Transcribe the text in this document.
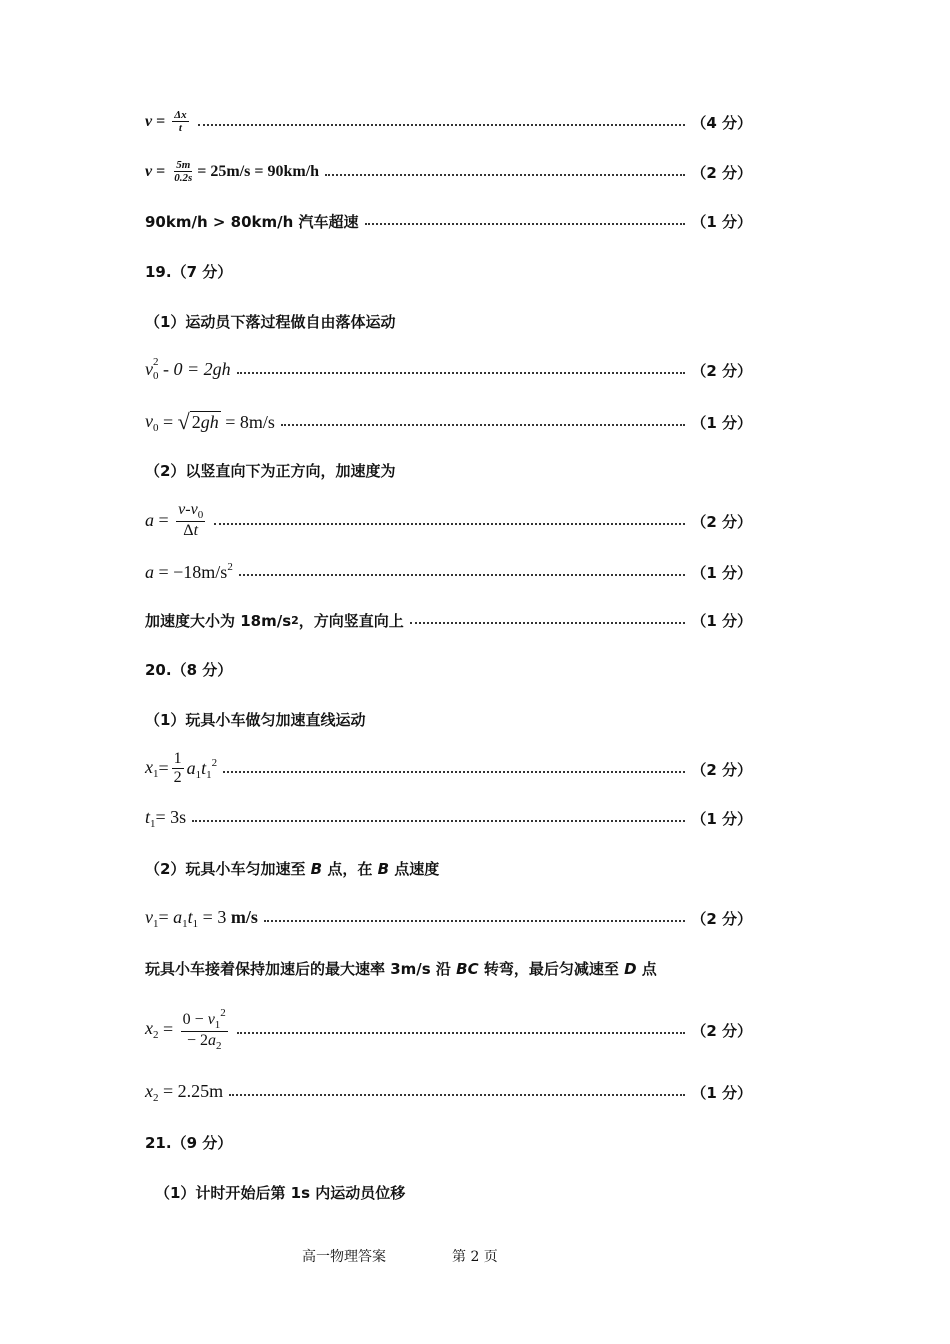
$v = \frac{\Delta x}{t}$	（4 分）
$v = \frac{5m}{0.2s} = 25m/s = 90km/h$	（2 分）
90km/h > 80km/h 汽车超速	（1 分）
19.（7 分）
（1）运动员下落过程做自由落体运动
v $_{2 0}$ - 0 = 2gh	（2 分）
$v_0$ = √ 2gh = 8m/s	（1 分）
（2）以竖直向下为正方向，加速度为
$a = \frac{v-v_0}{\Delta t}$	（2 分）
$a = -18m/s^2$	（1 分）
加速度大小为 18m/s 2 ，方向竖直向上	（1 分）
20.（8 分）
（1）玩具小车做匀加速直线运动
$x_1 = \frac{1}{2} a_1t_1^2$	（2 分）
$t_1= 3s$	（1 分）
（2）玩具小车匀加速至 B 点，在 B 点速度
$v_1= a_1t_1 = 3$ m/s	（2 分）
玩具小车接着保持加速后的最大速率 3m/s 沿 BC 转弯，最后匀减速至 D 点
$x_2 = \frac{0 - v_1^2}{- 2a_2}$	（2 分）
$x_2 = 2.25m$	（1 分）
21.（9 分）
（1）计时开始后第 1s 内运动员位移
高一物理答案	第 2 页
